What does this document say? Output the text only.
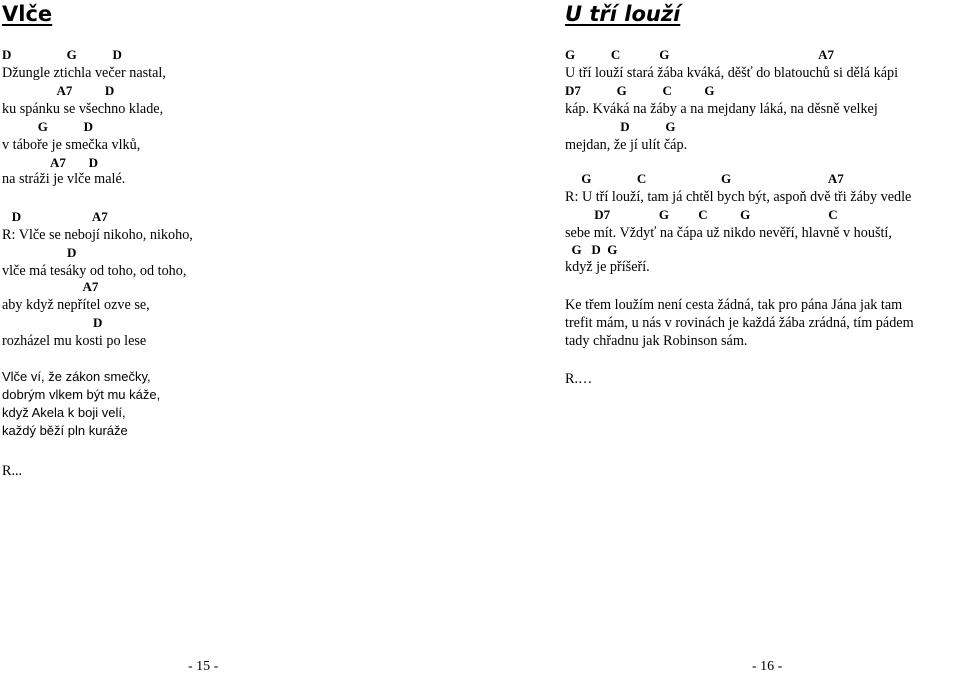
Vlče
D                 G           D
Džungle ztichla večer nastal,
A7          D
ku spánku se všechno klade,
G           D
v táboře je smečka vlků,
A7       D
na stráži je vlče malé.
D                      A7
R: Vlče se nebojí nikoho, nikoho,
D
vlče má tesáky od toho, od toho,
A7
aby když nepřítel ozve se,
D
rozházel mu kosti po lese
Vlče ví, že zákon smečky,
dobrým vlkem být mu káže,
když Akela k boji velí,
každý běží pln kuráže
R...
- 15 -
U tří louží
G           C            G                                              A7
U tří louží stará žába kváká, děšť do blatouchů si dělá kápi
D7           G           C          G
káp. Kváká na žáby a na mejdany láká, na děsně velkej
D           G
mejdan, že jí ulít čáp.
G              C                       G                              A7
R: U tří louží, tam já chtěl bych být, aspoň dvě tři žáby vedle
D7               G         C          G                        C
sebe mít. Vždyť na čápa už nikdo nevěří, hlavně v houští,
G   D  G
když je příšeří.
Ke třem loužím není cesta žádná, tak pro pána Jána jak tam
trefit mám, u nás v rovinách je každá žába zrádná, tím pádem
tady chřadnu jak Robinson sám.
R.…
- 16 -
